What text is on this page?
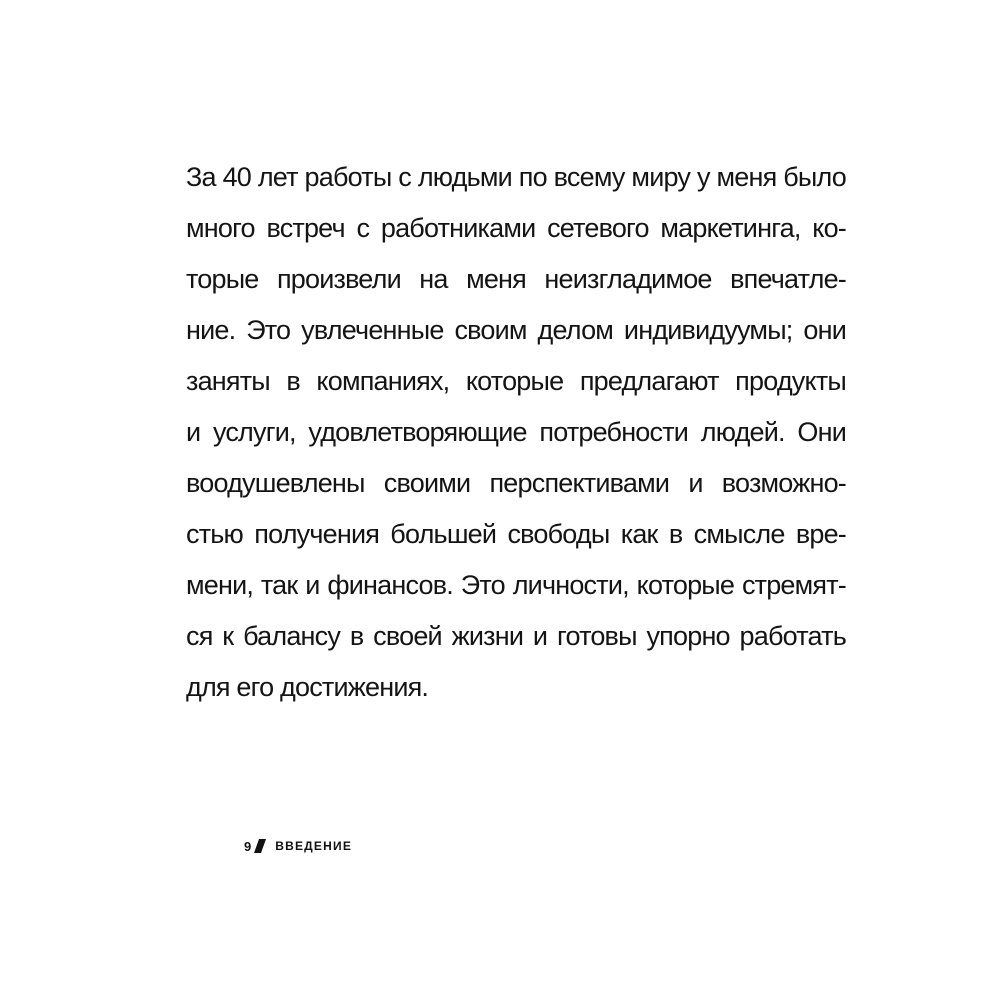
За 40 лет работы с людьми по всему миру у меня было
много встреч с работниками сетевого маркетинга, ко-
торые произвели на меня неизгладимое впечатле-
ние. Это увлеченные своим делом индивидуумы; они
заняты в компаниях, которые предлагают продукты
и услуги, удовлетворяющие потребности людей. Они
воодушевлены своими перспективами и возможно-
стью получения большей свободы как в смысле вре-
мени, так и финансов. Это личности, которые стремят-
ся к балансу в своей жизни и готовы упорно работать
для его достижения.
9 ВВЕДЕНИЕ
